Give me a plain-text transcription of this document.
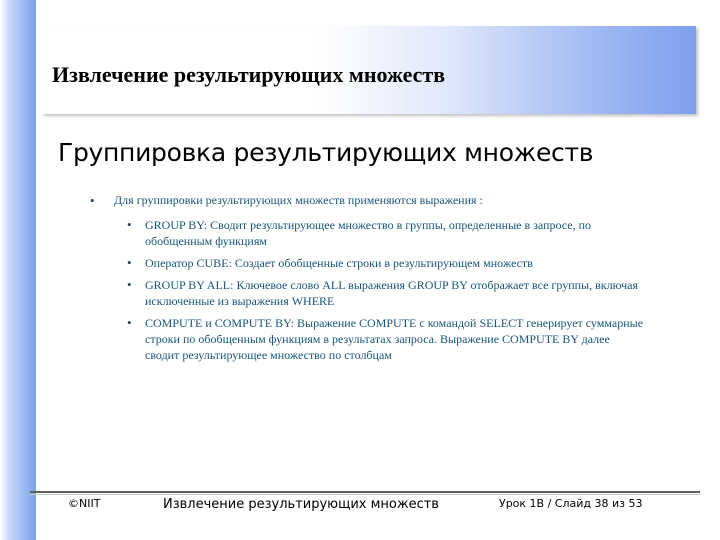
Извлечение результирующих множеств
Группировка результирующих множеств
• Для группировки результирующих множеств применяются выражения :
• GROUP BY: Сводит результирующее множество в группы, определенные в запросе, по обобщенным функциям
• Оператор CUBE: Создает обобщенные строки в результирующем множеств
• GROUP BY ALL: Ключевое слово ALL выражения GROUP BY отображает все группы, включая исключенные из выражения WHERE
• COMPUTE и COMPUTE BY: Выражение COMPUTE с командой SELECT генерирует суммарные строки по обобщенным функциям в результатах запроса. Выражение COMPUTE BY далее сводит результирующее множество по столбцам
©NIIT	Извлечение результирующих множеств	Урок 1B / Слайд 38 из 53
